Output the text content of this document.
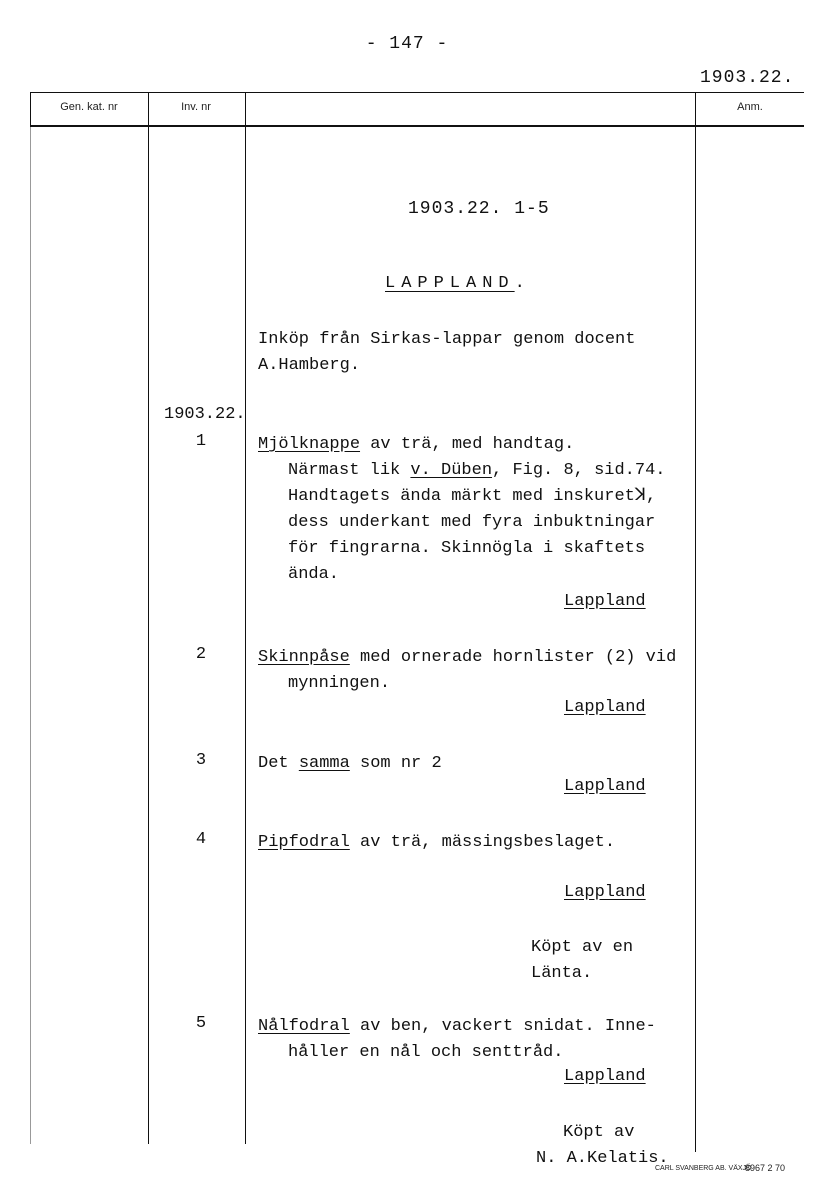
- 147 -
1903.22.
Gen. kat. nr	Inv. nr	Anm.
1903.22. 1-5
LAPPLAND.
Inköp från Sirkas-lappar genom docent
A.Hamberg.
1903.22.
1	Mjölknappe av trä, med handtag.
Närmast lik v. Düben, Fig. 8, sid.74.
Handtagets ända märkt med inskuretꓘ,
dess underkant med fyra inbuktningar
för fingrarna. Skinnögla i skaftets
ända.
Lappland
2	Skinnpåse med ornerade hornlister (2) vid
mynningen.
Lappland
3	Det samma som nr 2
Lappland
4	Pipfodral av trä, mässingsbeslaget.
Lappland
Köpt av en
Länta.
5	Nålfodral av ben, vackert snidat. Inne-
håller en nål och senttråd.
Lappland
Köpt av
N. A.Kelatis.
CARL SVANBERG AB. VÄXJÖ
8967 2 70
